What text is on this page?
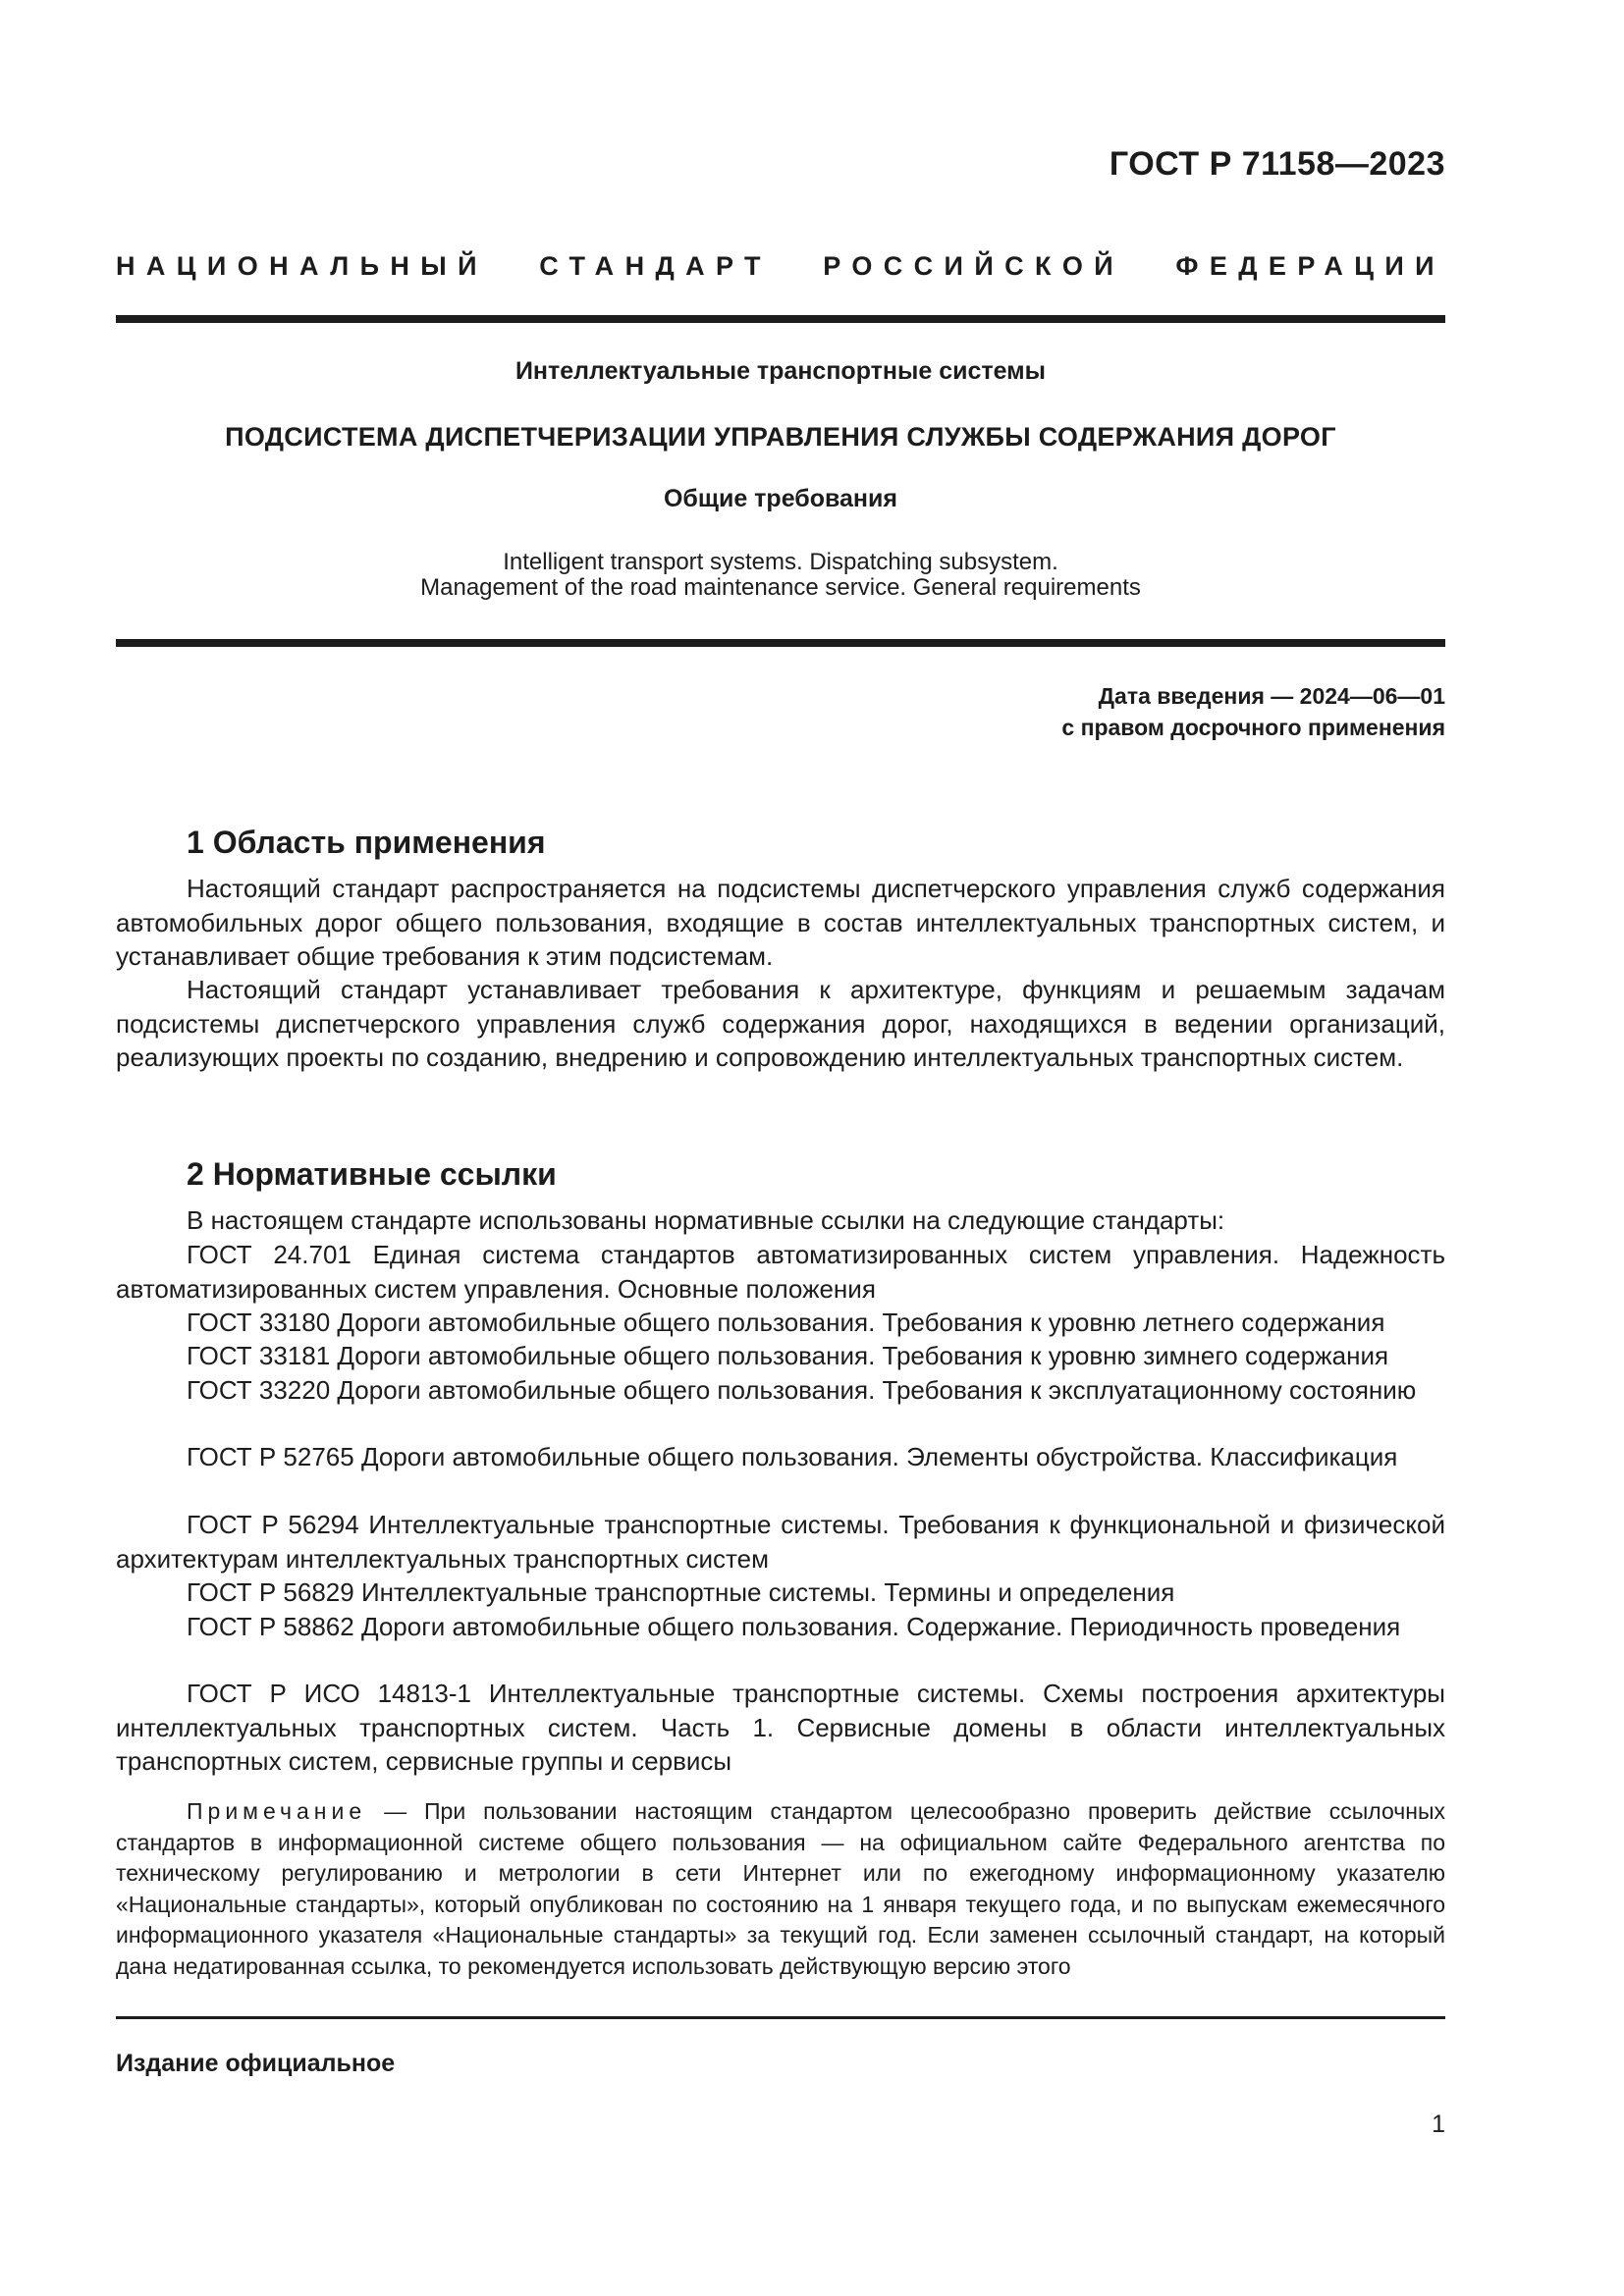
ГОСТ Р 71158—2023
НАЦИОНАЛЬНЫЙ СТАНДАРТ РОССИЙСКОЙ ФЕДЕРАЦИИ
Интеллектуальные транспортные системы
ПОДСИСТЕМА ДИСПЕТЧЕРИЗАЦИИ УПРАВЛЕНИЯ СЛУЖБЫ СОДЕРЖАНИЯ ДОРОГ
Общие требования
Intelligent transport systems. Dispatching subsystem.
Management of the road maintenance service. General requirements
Дата введения — 2024—06—01
с правом досрочного применения
1 Область применения

Настоящий стандарт распространяется на подсистемы диспетчерского управления служб содержания автомобильных дорог общего пользования, входящие в состав интеллектуальных транспортных систем, и устанавливает общие требования к этим подсистемам.

Настоящий стандарт устанавливает требования к архитектуре, функциям и решаемым задачам подсистемы диспетчерского управления служб содержания дорог, находящихся в ведении организаций, реализующих проекты по созданию, внедрению и сопровождению интеллектуальных транспортных систем.

2 Нормативные ссылки

В настоящем стандарте использованы нормативные ссылки на следующие стандарты:

ГОСТ 24.701 Единая система стандартов автоматизированных систем управления. Надежность автоматизированных систем управления. Основные положения

ГОСТ 33180 Дороги автомобильные общего пользования. Требования к уровню летнего содержания

ГОСТ 33181 Дороги автомобильные общего пользования. Требования к уровню зимнего содержания

ГОСТ 33220 Дороги автомобильные общего пользования. Требования к эксплуатационному состоянию

ГОСТ Р 52765 Дороги автомобильные общего пользования. Элементы обустройства. Классификация

ГОСТ Р 56294 Интеллектуальные транспортные системы. Требования к функциональной и физической архитектурам интеллектуальных транспортных систем

ГОСТ Р 56829 Интеллектуальные транспортные системы. Термины и определения

ГОСТ Р 58862 Дороги автомобильные общего пользования. Содержание. Периодичность проведения

ГОСТ Р ИСО 14813-1 Интеллектуальные транспортные системы. Схемы построения архитектуры интеллектуальных транспортных систем. Часть 1. Сервисные домены в области интеллектуальных транспортных систем, сервисные группы и сервисы

Примечание — При пользовании настоящим стандартом целесообразно проверить действие ссылочных стандартов в информационной системе общего пользования — на официальном сайте Федерального агентства по техническому регулированию и метрологии в сети Интернет или по ежегодному информационному указателю «Национальные стандарты», который опубликован по состоянию на 1 января текущего года, и по выпускам ежемесячного информационного указателя «Национальные стандарты» за текущий год. Если заменен ссылочный стандарт, на который дана недатированная ссылка, то рекомендуется использовать действующую версию этого

Издание официальное
1
